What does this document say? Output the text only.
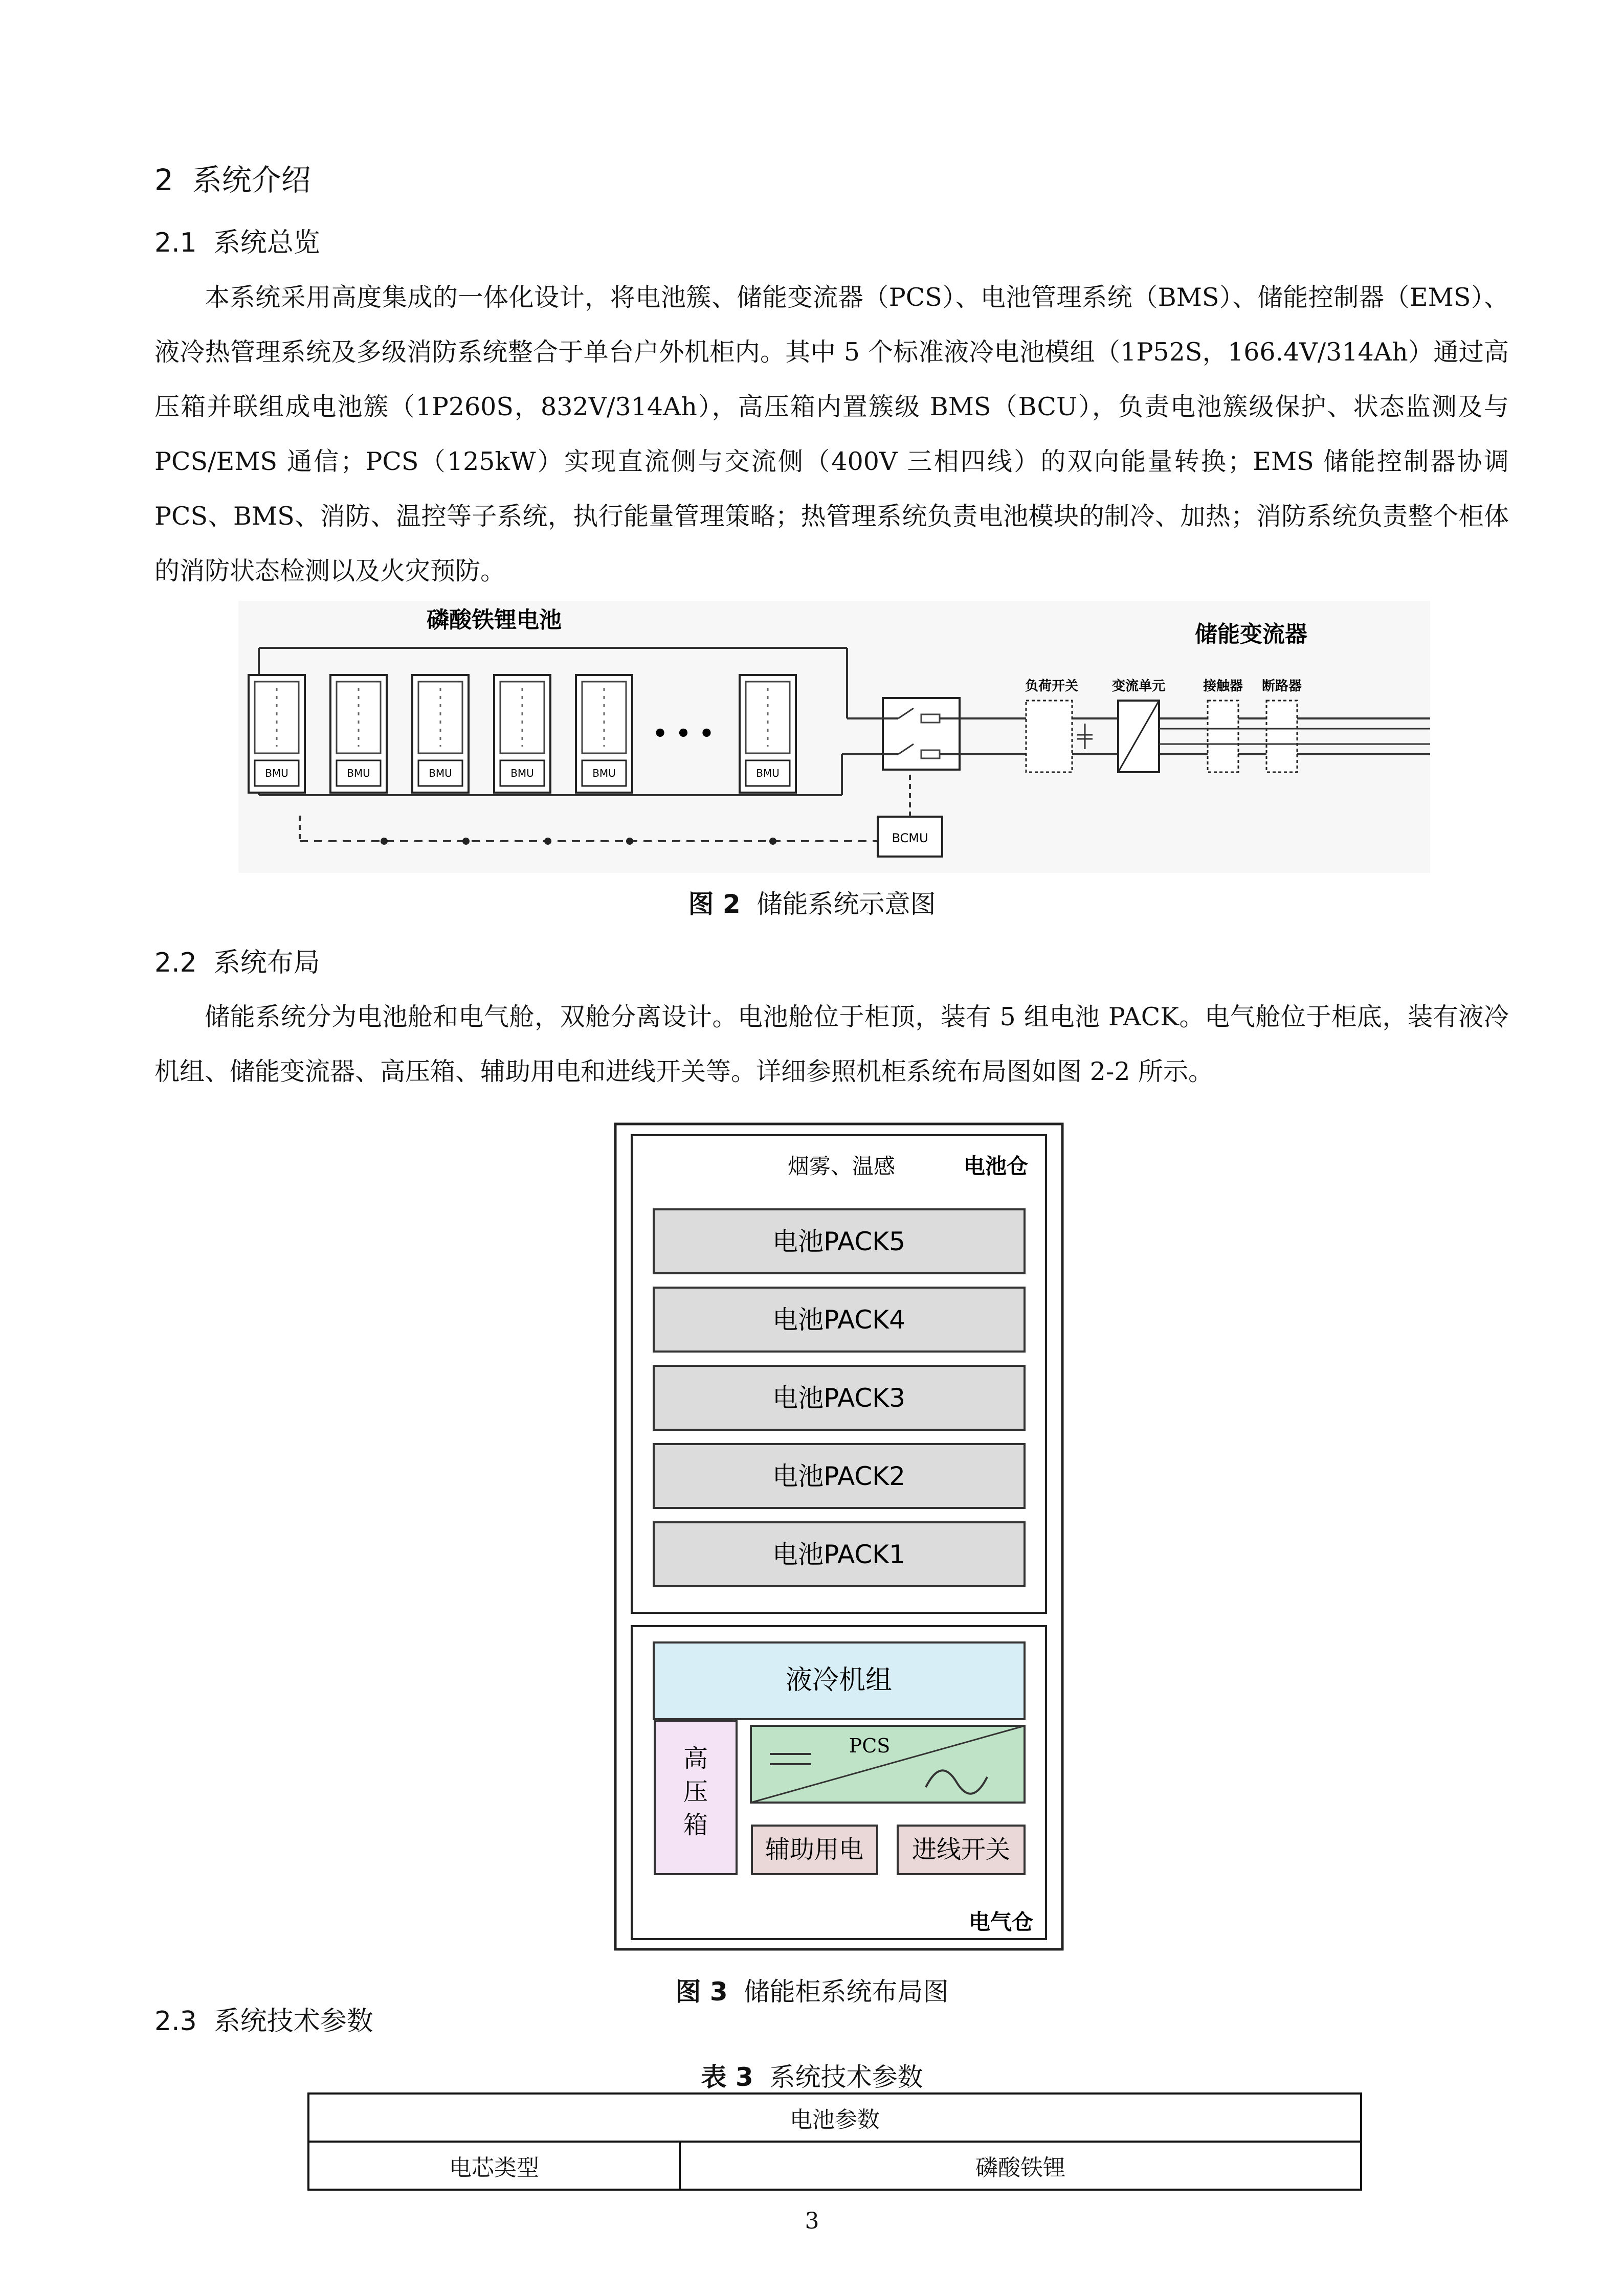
2 系统介绍
2.1 系统总览
本系统采用高度集成的一体化设计，将电池簇、储能变流器（PCS）、电池管理系统（BMS）、储能控制器（EMS）、液冷热管理系统及多级消防系统整合于单台户外机柜内。其中 5 个标准液冷电池模组（1P52S，166.4V/314Ah）通过高压箱并联组成电池簇（1P260S，832V/314Ah），高压箱内置簇级 BMS（BCU），负责电池簇级保护、状态监测及与 PCS/EMS 通信；PCS（125kW）实现直流侧与交流侧（400V 三相四线）的双向能量转换；EMS 储能控制器协调 PCS、BMS、消防、温控等子系统，执行能量管理策略；热管理系统负责电池模块的制冷、加热；消防系统负责整个柜体的消防状态检测以及火灾预防。
磷酸铁锂电池
储能变流器
BMU	BMU	BMU	BMU	BMU
• • •
BMU
BCMU
负荷开关	变流单元	接触器 断路器
图 2 储能系统示意图
2.2 系统布局
储能系统分为电池舱和电气舱，双舱分离设计。电池舱位于柜顶，装有 5 组电池 PACK。电气舱位于柜底，装有液冷机组、储能变流器、高压箱、辅助用电和进线开关等。详细参照机柜系统布局图如图 2-2 所示。
烟雾、温感	电池仓
电池PACK5
电池PACK4
电池PACK3
电池PACK2
电池PACK1
液冷机组
高
压
箱
PCS
辅助用电 进线开关
电气仓
图 3 储能柜系统布局图
2.3 系统技术参数
表 3 系统技术参数
电池参数
电芯类型	磷酸铁锂
3
